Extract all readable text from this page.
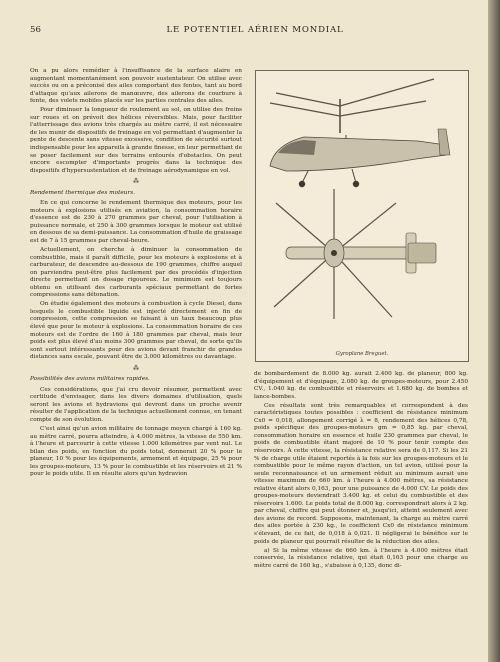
56	LE POTENTIEL AÉRIEN MONDIAL

On a pu alors remédier à l'insuffisance de la surface alaire en augmentant momentanément son pouvoir sustentateur. On utilise avec succès ou on a préconisé des ailes comportant des fentes, tant au bord d'attaque qu'aux ailerons de manœuvre, des ailerons de courbure à fente, des volets mobiles placés sur les parties centrales des ailes.

Pour diminuer la longueur de roulement au sol, on utilise des freins sur roues et on prévoit des hélices réversibles. Mais, pour faciliter l'atterrissage des avions très chargés au mètre carré, il est nécessaire de les munir de dispositifs de freinage en vol permettant d'augmenter la pente de descente sans vitesse excessive, condition de sécurité surtout indispensable pour les appareils à grande finesse, en leur permettant de se poser facilement sur des terrains entourés d'obstacles. On peut encore escompter d'importants progrès dans la technique des dispositifs d'hypersustentation et de freinage aérodynamique en vol.

⁂

Rendement thermique des moteurs.

En ce qui concerne le rendement thermique des moteurs, pour les moteurs à explosions utilisés en aviation, la consommation horaire d'essence est de 230 à 270 grammes par cheval, pour l'utilisation à puissance normale, et 250 à 300 grammes lorsque le moteur est utilisé en dessous de sa demi-puissance. La consommation d'huile de graissage est de 7 à 15 grammes par cheval-heure.

Actuellement, on cherche à diminuer la consommation de combustible, mais il paraît difficile, pour les moteurs à explosions et à carburateur, de descendre au-dessous de 190 grammes, chiffre auquel on parviendra peut-être plus facilement par des procédés d'injection directe permettant un dosage rigoureux. Le minimum est toujours obtenu en utilisant des carburants spéciaux permettant de fortes compressions sans détonation.

On étudie également des moteurs à combustion à cycle Diesel, dans lesquels le combustible liquide est injecté directement en fin de compression, cette compression se faisant à un taux beaucoup plus élevé que pour le moteur à explosions. La consommation horaire de ces moteurs est de l'ordre de 160 à 180 grammes par cheval, mais leur poids est plus élevé d'au moins 300 grammes par cheval, de sorte qu'ils sont surtout intéressants pour des avions devant franchir de grandes distances sans escale, pouvant être de 3.000 kilomètres ou davantage.

⁂

Possibilités des avions militaires rapides.

Ces considérations, que j'ai cru devoir résumer, permettent avec certitude d'envisager, dans les divers domaines d'utilisation, quels seront les avions et hydravions qui devront dans un proche avenir résulter de l'application de la technique actuellement connue, en tenant compte de son évolution.

C'est ainsi qu'un avion militaire de tonnage moyen chargé à 160 kg. au mètre carré, pourra atteindre, à 4.000 mètres, la vitesse de 550 km. à l'heure et parcourir à cette vitesse 1.000 kilomètres par vent nul. Le bilan des poids, en fonction du poids total, donnerait 20 % pour le planeur, 10 % pour les équipements, armement et équipage, 25 % pour les groupes-moteurs, 13 % pour le combustible et les réservoirs et 21 % pour le poids utile. Il en résulte alors qu'un hydravion

Gyroplane Breguet.

de bombardement de 8.000 kg. aurait 2.400 kg. de planeur, 800 kg. d'équipement et d'équipage, 2.080 kg. de groupes-moteurs, pour 2.450 CV., 1.040 kg. de combustible et réservoirs et 1.680 kg. de bombes et lance-bombes.

Ces résultats sont très remarquables et correspondent à des caractéristiques toutes possibles : coefficient de résistance minimum Cx0 = 0,018, allongement corrigé λ = 8, rendement des hélices 0,78, poids spécifique des groupes-moteurs gm = 0,85 kg. par cheval, consommation horaire en essence et huile 230 grammes par cheval, le poids de combustible étant majoré de 10 % pour tenir compte des réservoirs. À cette vitesse, la résistance relative sera de 0,117. Si les 21 % de charge utile étaient reportés à la fois sur les groupes-moteurs et le combustible pour le même rayon d'action, un tel avion, utilisé pour la seule reconnaissance et un armement réduit au minimum aurait une vitesse maximum de 660 km. à l'heure à 4.000 mètres, sa résistance relative étant alors 0,163, pour une puissance de 4.000 CV. Le poids des groupes-moteurs deviendrait 3.400 kg. et celui du combustible et des réservoirs 1.600. Le poids total de 8.000 kg. correspondrait alors à 2 kg. par cheval, chiffre qui peut étonner et, jusqu'ici, atteint seulement avec des avions de record. Supposons, maintenant, la charge au mètre carré des ailes portée à 230 kg., le coefficient Cx0 de résistance minimum s'élevant, de ce fait, de 0,018 à 0,021. Il négligerai le bénéfice sur le poids de planeur qui pourrait résulter de la réduction des ailes.

a) Si la même vitesse de 660 km. à l'heure à 4.000 mètres était conservée, la résistance relative, qui était 0,163 pour une charge au mètre carré de 160 kg., s'abaisse à 0,135, donc di-
